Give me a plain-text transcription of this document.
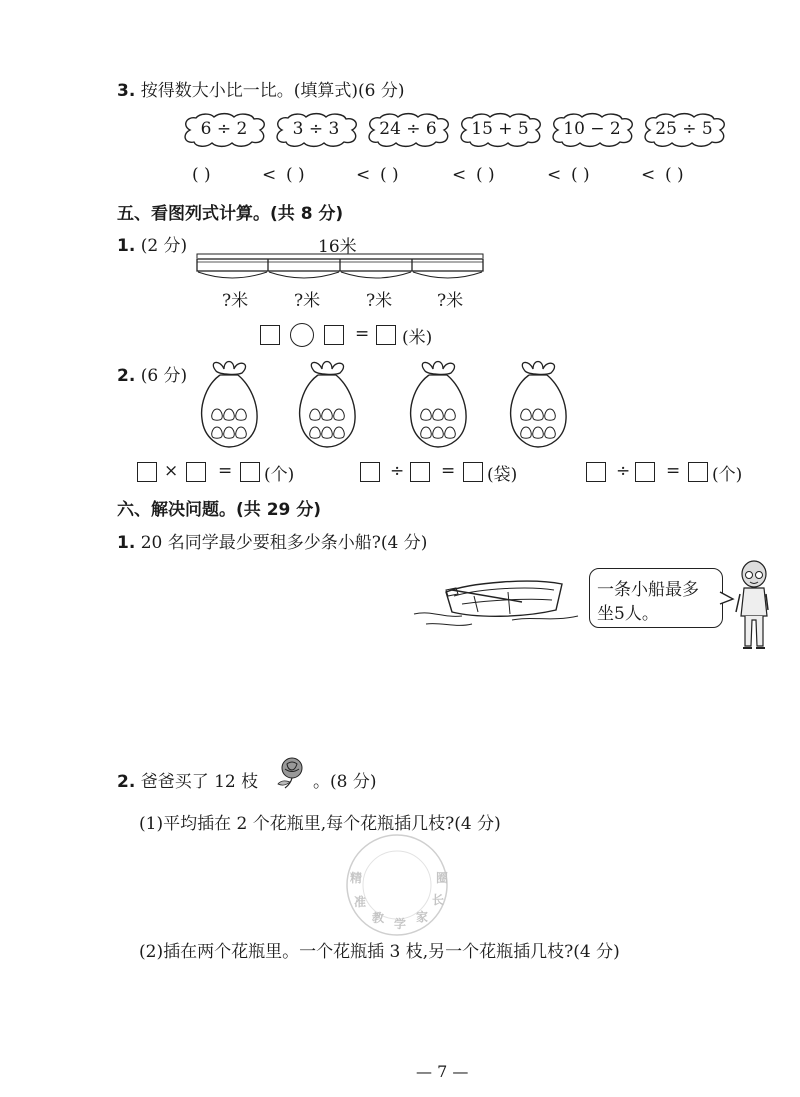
3. 按得数大小比一比。(填算式)(6 分)
6 ÷ 2	3 ÷ 3	24 ÷ 6	15 + 5	10 − 2	25 ÷ 5
( )	< ( )	< ( )	< ( )	< ( )	< ( )
五、看图列式计算。(共 8 分)
1. (2 分)	16米
?米	?米	?米	?米
= (米)
2. (6 分)
× = (个)	÷ = (袋)	÷ = (个)
六、解决问题。(共 29 分)
1. 20 名同学最少要租多少条小船?(4 分)
一条小船最多
坐5人。
2. 爸爸买了 12 枝	。(8 分)
(1)平均插在 2 个花瓶里,每个花瓶插几枝?(4 分)
精
准
教 学 家
长
圈
(2)插在两个花瓶里。一个花瓶插 3 枝,另一个花瓶插几枝?(4 分)
— 7 —
